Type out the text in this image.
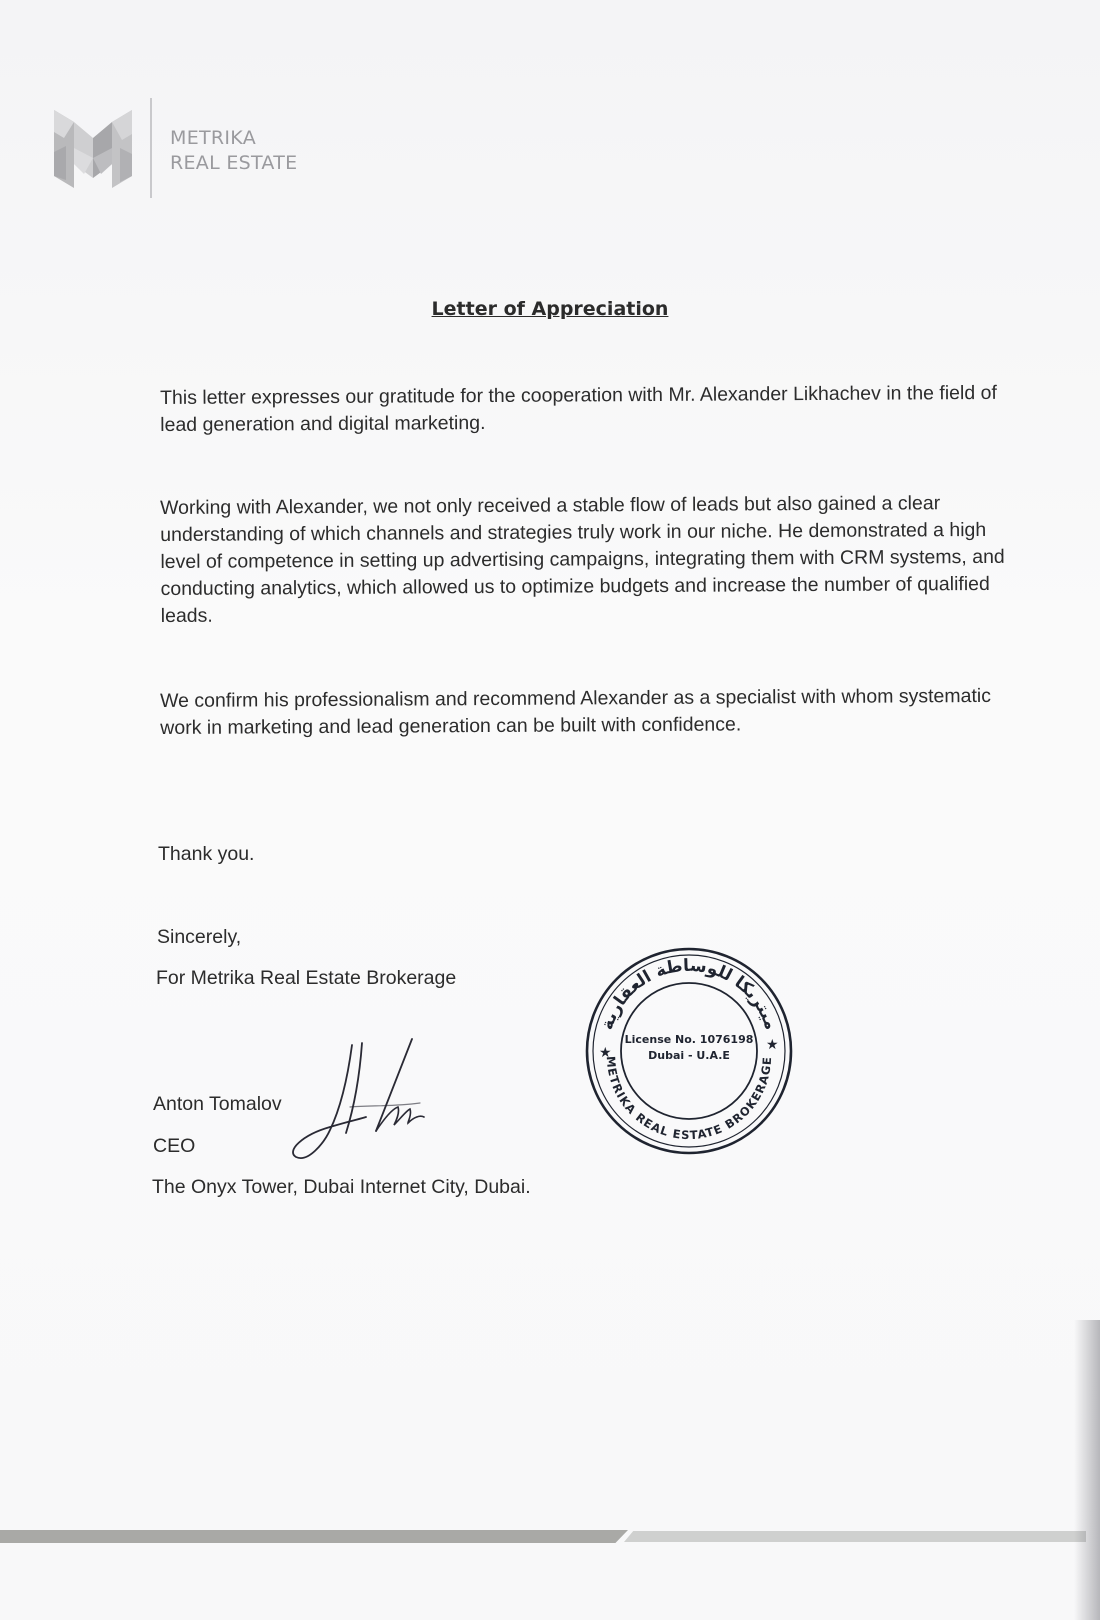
METRIKA
REAL ESTATE
Letter of Appreciation
This letter expresses our gratitude for the cooperation with Mr. Alexander Likhachev in the field of lead generation and digital marketing.
Working with Alexander, we not only received a stable flow of leads but also gained a clear understanding of which channels and strategies truly work in our niche. He demonstrated a high level of competence in setting up advertising campaigns, integrating them with CRM systems, and conducting analytics, which allowed us to optimize budgets and increase the number of qualified leads.
We confirm his professionalism and recommend Alexander as a specialist with whom systematic work in marketing and lead generation can be built with confidence.
Thank you.
Sincerely,
For Metrika Real Estate Brokerage
Anton Tomalov
CEO
The Onyx Tower, Dubai Internet City, Dubai.
ميتريكا للوساطة العقارية
METRIKA REAL ESTATE BROKERAGE
★	★
License No. 1076198
Dubai - U.A.E
